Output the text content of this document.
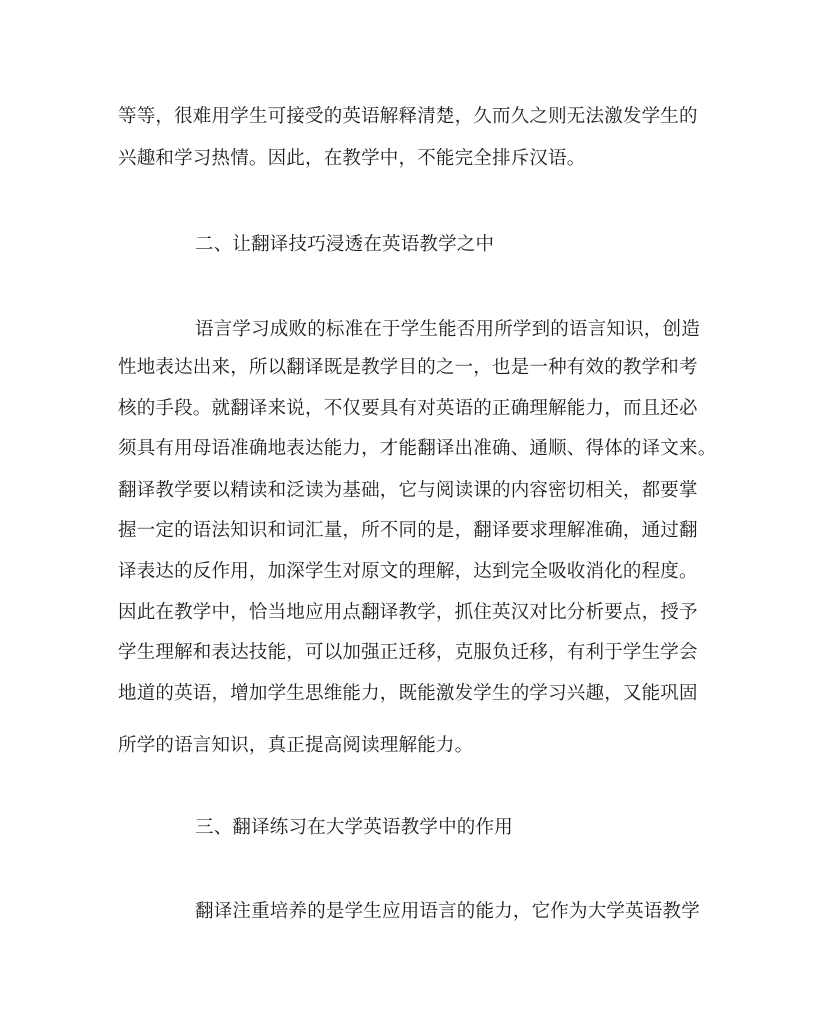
等等，很难用学生可接受的英语解释清楚，久而久之则无法激发学生的
兴趣和学习热情。因此，在教学中，不能完全排斥汉语。
二、让翻译技巧浸透在英语教学之中
语言学习成败的标准在于学生能否用所学到的语言知识，创造
性地表达出来，所以翻译既是教学目的之一，也是一种有效的教学和考
核的手段。就翻译来说，不仅要具有对英语的正确理解能力，而且还必
须具有用母语准确地表达能力，才能翻译出准确、通顺、得体的译文来。
翻译教学要以精读和泛读为基础，它与阅读课的内容密切相关，都要掌
握一定的语法知识和词汇量，所不同的是，翻译要求理解准确，通过翻
译表达的反作用，加深学生对原文的理解，达到完全吸收消化的程度。
因此在教学中，恰当地应用点翻译教学，抓住英汉对比分析要点，授予
学生理解和表达技能，可以加强正迁移，克服负迁移，有利于学生学会
地道的英语，增加学生思维能力，既能激发学生的学习兴趣，又能巩固
所学的语言知识，真正提高阅读理解能力。
三、翻译练习在大学英语教学中的作用
翻译注重培养的是学生应用语言的能力，它作为大学英语教学
